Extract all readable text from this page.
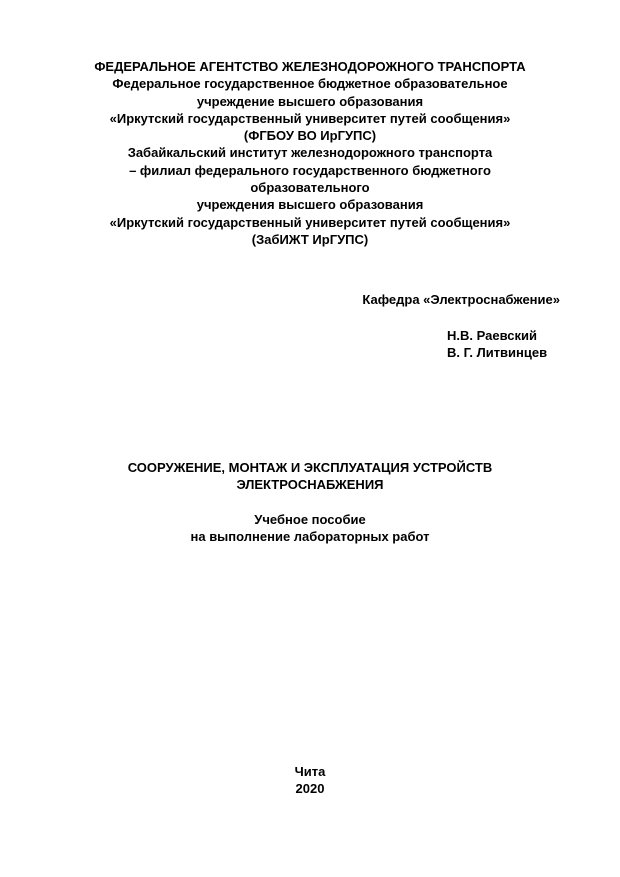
ФЕДЕРАЛЬНОЕ АГЕНТСТВО ЖЕЛЕЗНОДОРОЖНОГО ТРАНСПОРТА
Федеральное государственное бюджетное образовательное
учреждение высшего образования
«Иркутский государственный университет путей сообщения»
(ФГБОУ ВО ИрГУПС)
Забайкальский институт железнодорожного транспорта
– филиал федерального государственного бюджетного
образовательного
учреждения высшего образования
«Иркутский государственный университет путей сообщения»
(ЗабИЖТ ИрГУПС)
Кафедра «Электроснабжение»
Н.В. Раевский
В. Г. Литвинцев
СООРУЖЕНИЕ, МОНТАЖ И ЭКСПЛУАТАЦИЯ УСТРОЙСТВ
ЭЛЕКТРОСНАБЖЕНИЯ
Учебное пособие
на выполнение лабораторных работ
Чита
2020
